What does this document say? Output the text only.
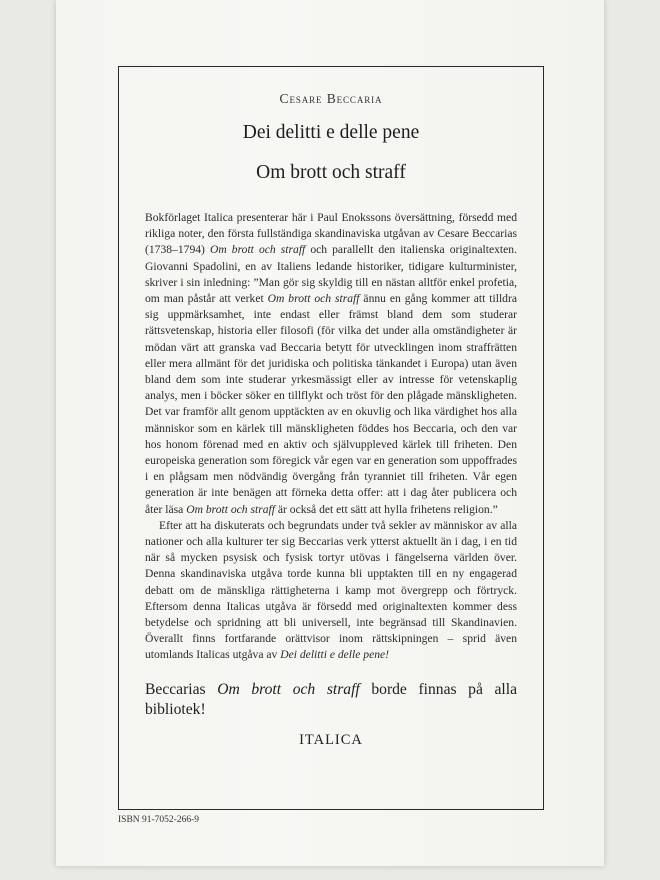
Cesare Beccaria
Dei delitti e delle pene
Om brott och straff

Bokförlaget Italica presenterar här i Paul Enokssons översättning, försedd med rikliga noter, den första fullständiga skandinaviska utgåvan av Cesare Beccarias (1738–1794) Om brott och straff och parallellt den italienska originaltexten. Giovanni Spadolini, en av Italiens ledande historiker, tidigare kulturminister, skriver i sin inledning: ”Man gör sig skyldig till en nästan alltför enkel profetia, om man påstår att verket Om brott och straff ännu en gång kommer att tilldra sig uppmärksamhet, inte endast eller främst bland dem som studerar rättsvetenskap, historia eller filosofi (för vilka det under alla omständigheter är mödan värt att granska vad Beccaria betytt för utvecklingen inom straffrätten eller mera allmänt för det juridiska och politiska tänkandet i Europa) utan även bland dem som inte studerar yrkesmässigt eller av intresse för vetenskaplig analys, men i böcker söker en tillflykt och tröst för den plågade mänskligheten. Det var framför allt genom upptäckten av en okuvlig och lika värdighet hos alla människor som en kärlek till mänskligheten föddes hos Beccaria, och den var hos honom förenad med en aktiv och självuppleved kärlek till friheten. Den europeiska generation som föregick vår egen var en generation som uppoffrades i en plågsam men nödvändig övergång från tyranniet till friheten. Vår egen generation är inte benägen att förneka detta offer: att i dag åter publicera och åter läsa Om brott och straff är också det ett sätt att hylla frihetens religion.”

Efter att ha diskuterats och begrundats under två sekler av människor av alla nationer och alla kulturer ter sig Beccarias verk ytterst aktuellt än i dag, i en tid när så mycken psysisk och fysisk tortyr utövas i fängelserna världen över. Denna skandinaviska utgåva torde kunna bli upptakten till en ny engagerad debatt om de mänskliga rättigheterna i kamp mot övergrepp och förtryck. Eftersom denna Italicas utgåva är försedd med originaltexten kommer dess betydelse och spridning att bli universell, inte begränsad till Skandinavien. Överallt finns fortfarande orättvisor inom rättskipningen – sprid även utomlands Italicas utgåva av Dei delitti e delle pene!

Beccarias Om brott och straff borde finnas på alla bibliotek!
ITALICA
ISBN 91-7052-266-9
